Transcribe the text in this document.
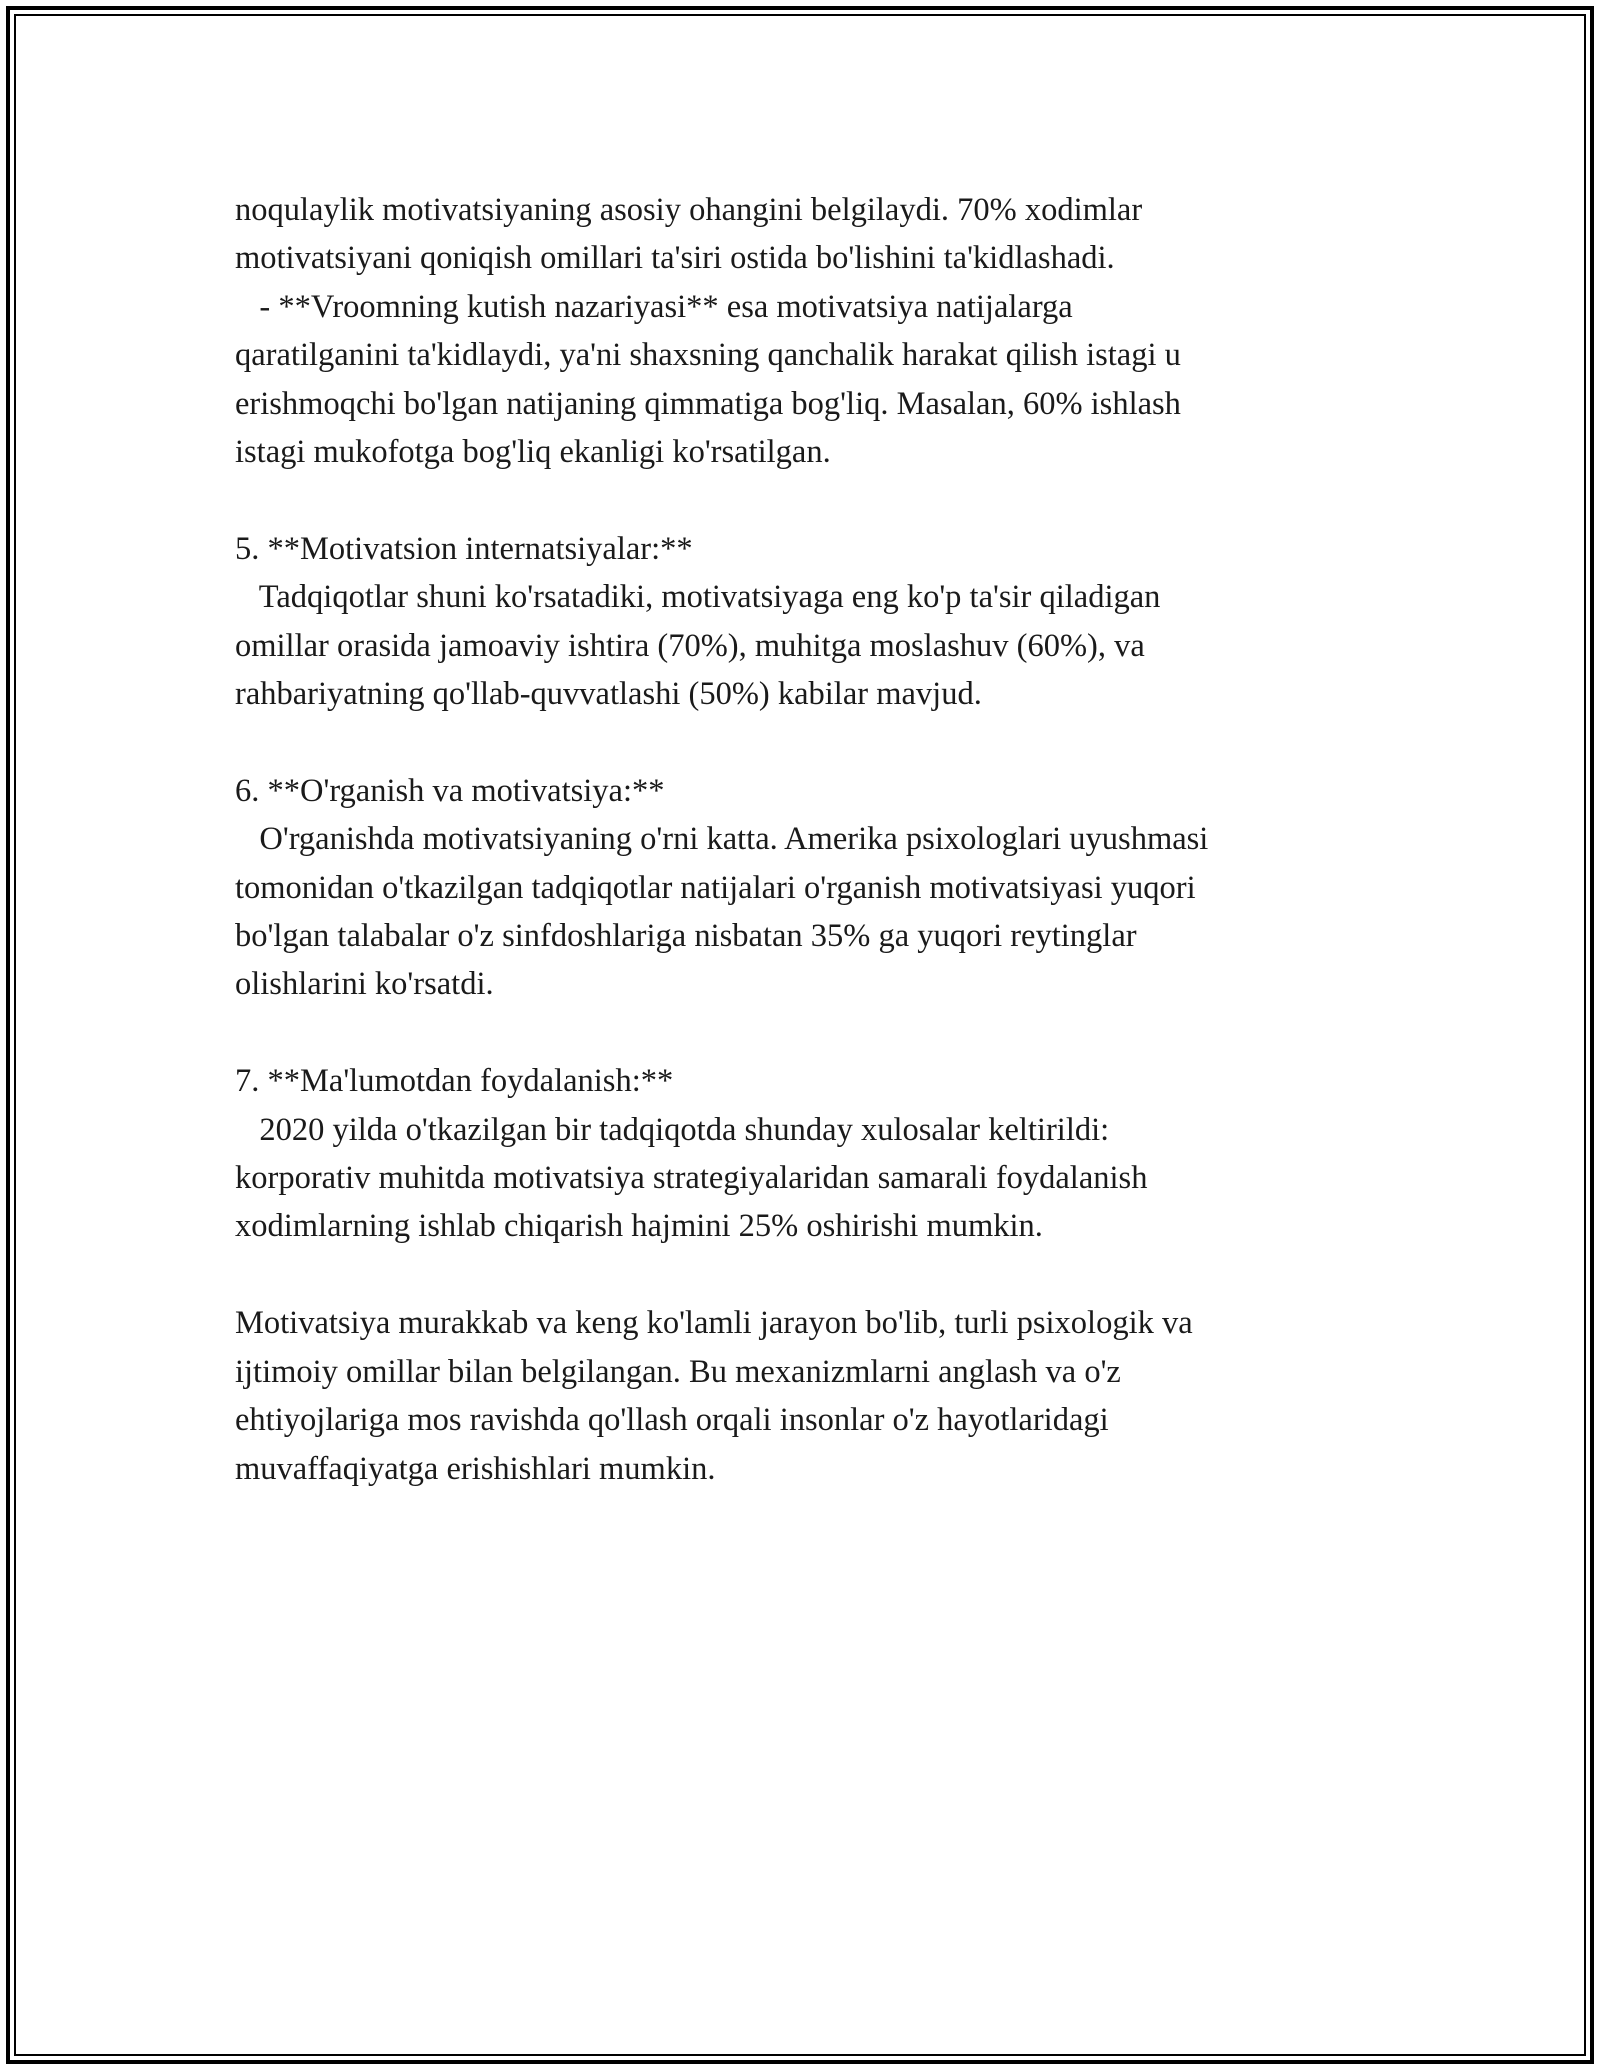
noqulaylik motivatsiyaning asosiy ohangini belgilaydi. 70% xodimlar

motivatsiyani qoniqish omillari ta'siri ostida bo'lishini ta'kidlashadi.

- **Vroomning kutish nazariyasi** esa motivatsiya natijalarga

qaratilganini ta'kidlaydi, ya'ni shaxsning qanchalik harakat qilish istagi u

erishmoqchi bo'lgan natijaning qimmatiga bog'liq. Masalan, 60% ishlash

istagi mukofotga bog'liq ekanligi ko'rsatilgan.

5. **Motivatsion internatsiyalar:**

Tadqiqotlar shuni ko'rsatadiki, motivatsiyaga eng ko'p ta'sir qiladigan

omillar orasida jamoaviy ishtira (70%), muhitga moslashuv (60%), va

rahbariyatning qo'llab-quvvatlashi (50%) kabilar mavjud.

6. **O'rganish va motivatsiya:**

O'rganishda motivatsiyaning o'rni katta. Amerika psixologlari uyushmasi

tomonidan o'tkazilgan tadqiqotlar natijalari o'rganish motivatsiyasi yuqori

bo'lgan talabalar o'z sinfdoshlariga nisbatan 35% ga yuqori reytinglar

olishlarini ko'rsatdi.

7. **Ma'lumotdan foydalanish:**

2020 yilda o'tkazilgan bir tadqiqotda shunday xulosalar keltirildi:

korporativ muhitda motivatsiya strategiyalaridan samarali foydalanish

xodimlarning ishlab chiqarish hajmini 25% oshirishi mumkin.

Motivatsiya murakkab va keng ko'lamli jarayon bo'lib, turli psixologik va

ijtimoiy omillar bilan belgilangan. Bu mexanizmlarni anglash va o'z

ehtiyojlariga mos ravishda qo'llash orqali insonlar o'z hayotlaridagi

muvaffaqiyatga erishishlari mumkin.
